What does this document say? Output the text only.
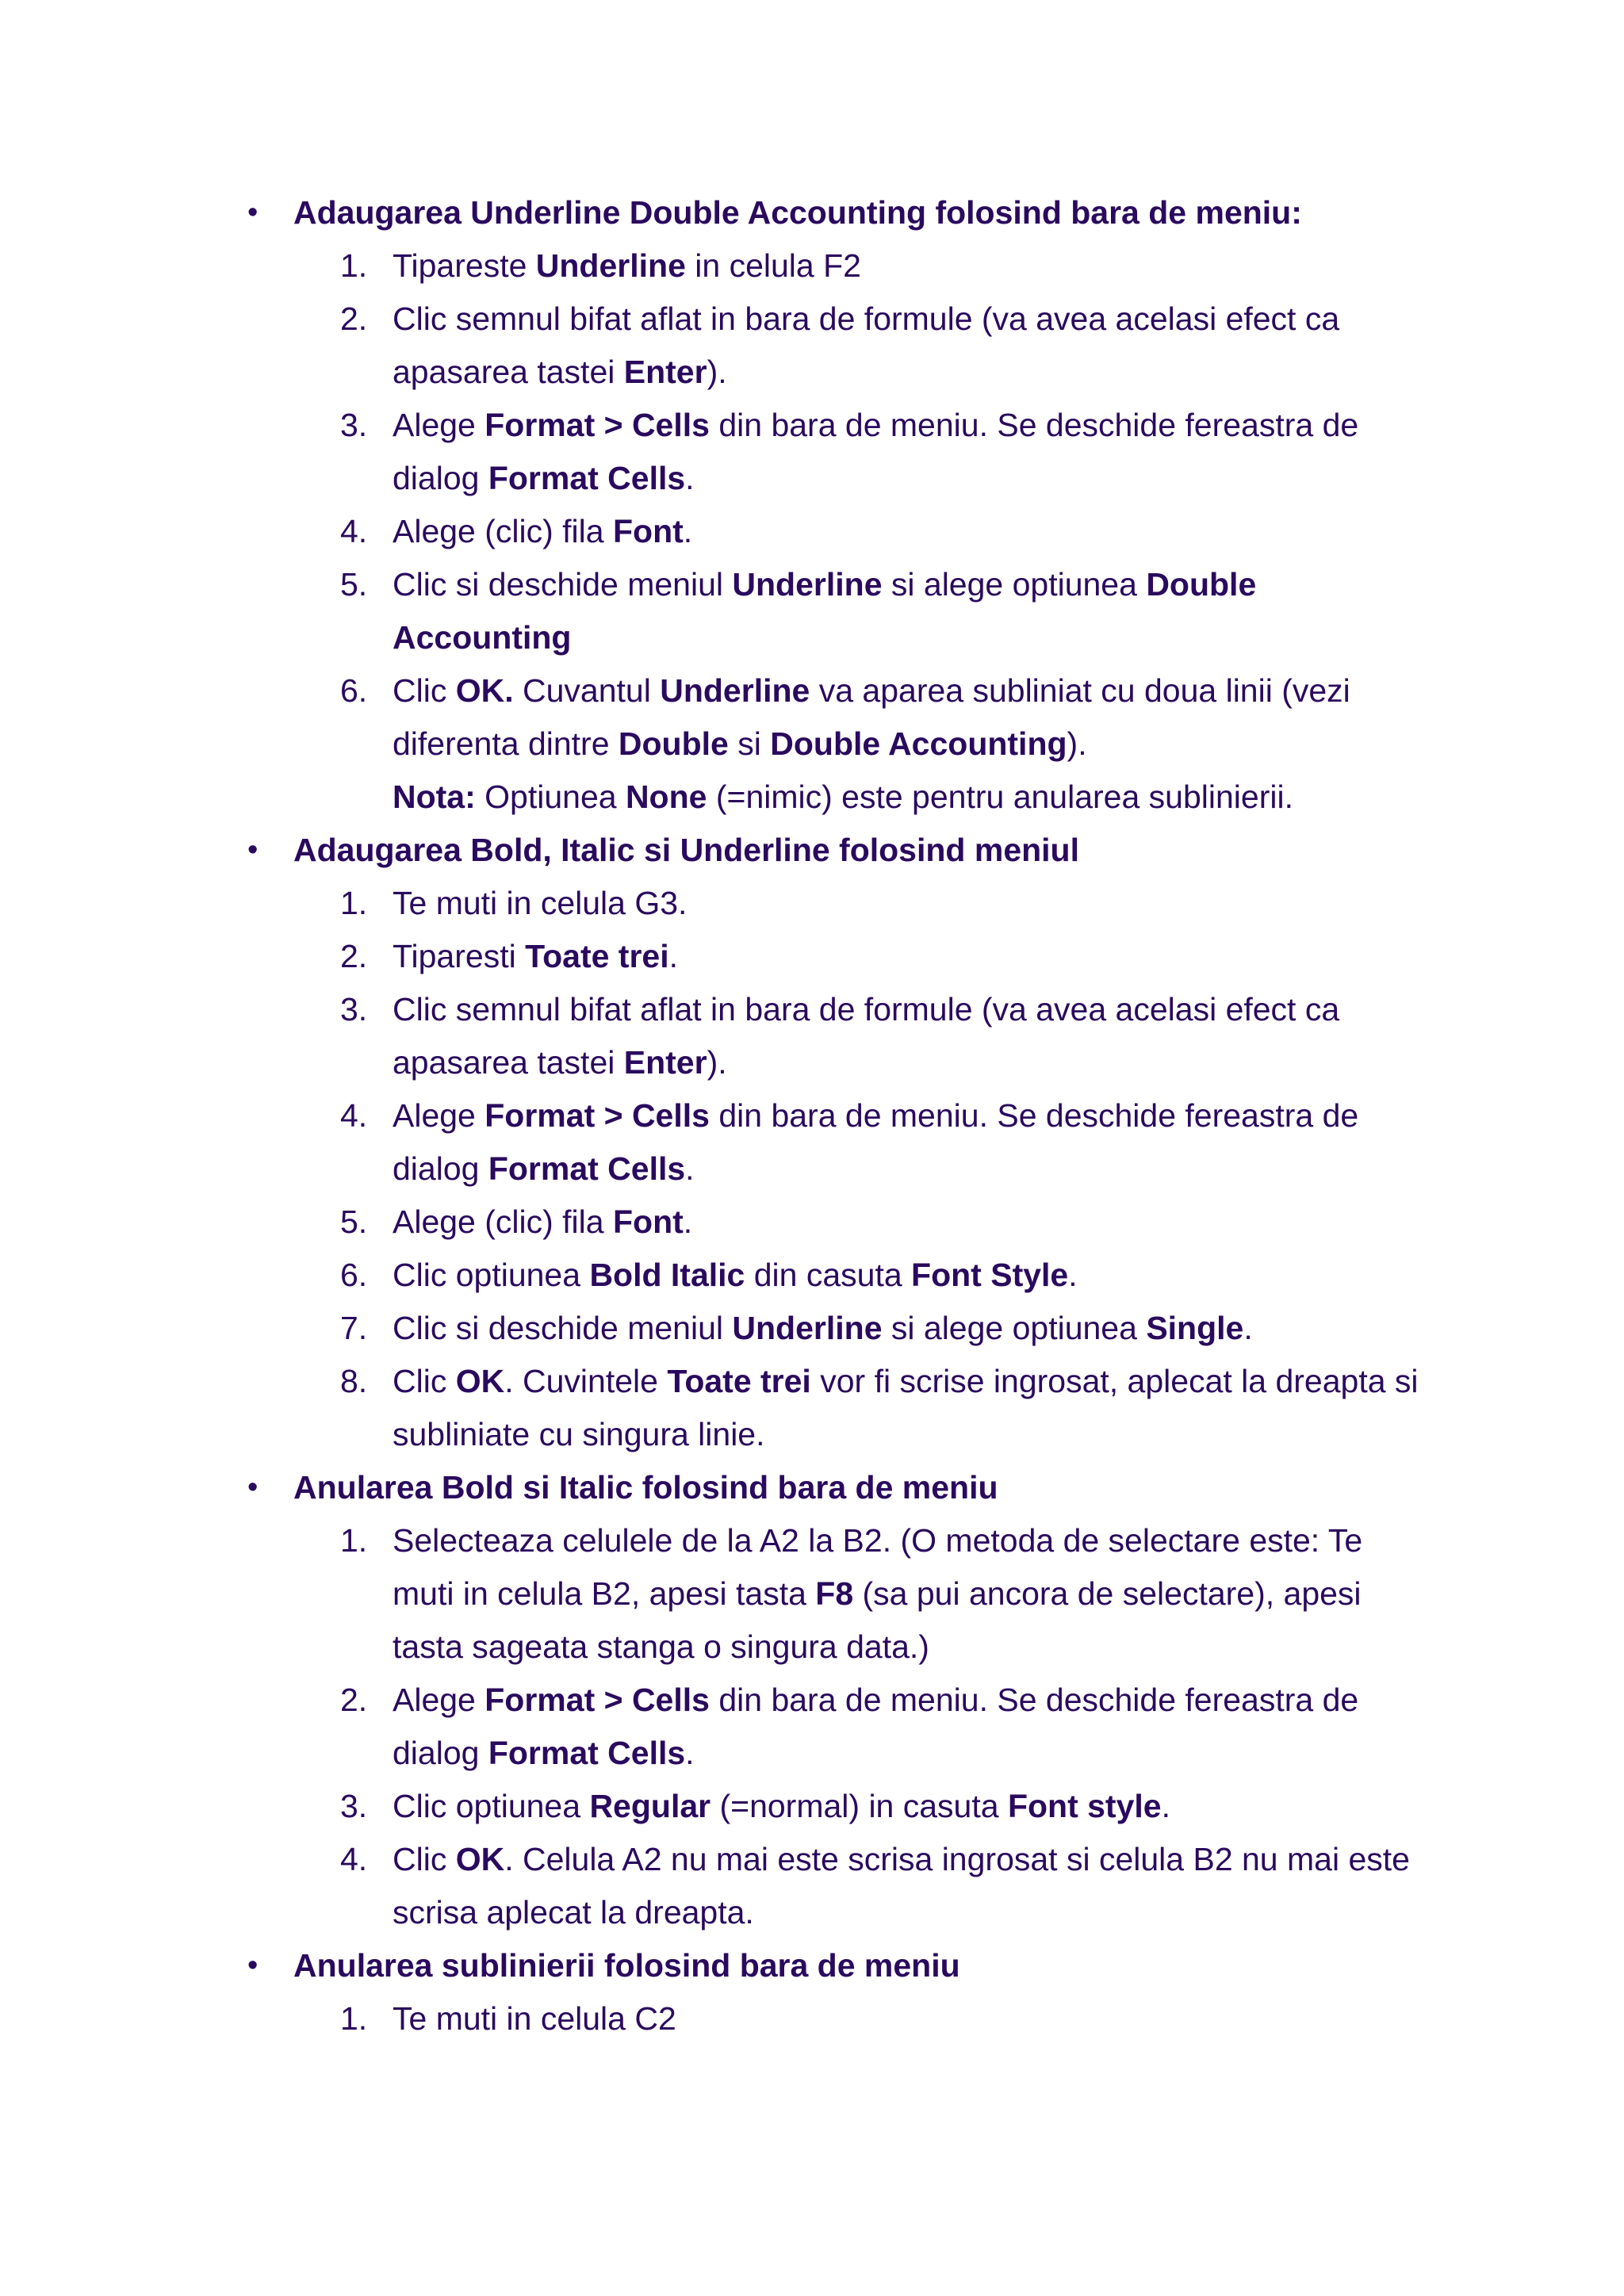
• Adaugarea Underline Double Accounting folosind bara de meniu:
1. Tipareste Underline in celula F2
2. Clic semnul bifat aflat in bara de formule (va avea acelasi efect ca
apasarea tastei Enter).
3. Alege Format > Cells din bara de meniu. Se deschide fereastra de
dialog Format Cells.
4. Alege (clic) fila Font.
5. Clic si deschide meniul Underline si alege optiunea Double
Accounting
6. Clic OK. Cuvantul Underline va aparea subliniat cu doua linii (vezi
diferenta dintre Double si Double Accounting).
Nota: Optiunea None (=nimic) este pentru anularea sublinierii.
• Adaugarea Bold, Italic si Underline folosind meniul
1. Te muti in celula G3.
2. Tiparesti Toate trei.
3. Clic semnul bifat aflat in bara de formule (va avea acelasi efect ca
apasarea tastei Enter).
4. Alege Format > Cells din bara de meniu. Se deschide fereastra de
dialog Format Cells.
5. Alege (clic) fila Font.
6. Clic optiunea Bold Italic din casuta Font Style.
7. Clic si deschide meniul Underline si alege optiunea Single.
8. Clic OK. Cuvintele Toate trei vor fi scrise ingrosat, aplecat la dreapta si
subliniate cu singura linie.
• Anularea Bold si Italic folosind bara de meniu
1. Selecteaza celulele de la A2 la B2. (O metoda de selectare este: Te
muti in celula B2, apesi tasta F8 (sa pui ancora de selectare), apesi
tasta sageata stanga o singura data.)
2. Alege Format > Cells din bara de meniu. Se deschide fereastra de
dialog Format Cells.
3. Clic optiunea Regular (=normal) in casuta Font style.
4. Clic OK. Celula A2 nu mai este scrisa ingrosat si celula B2 nu mai este
scrisa aplecat la dreapta.
• Anularea sublinierii folosind bara de meniu
1. Te muti in celula C2
